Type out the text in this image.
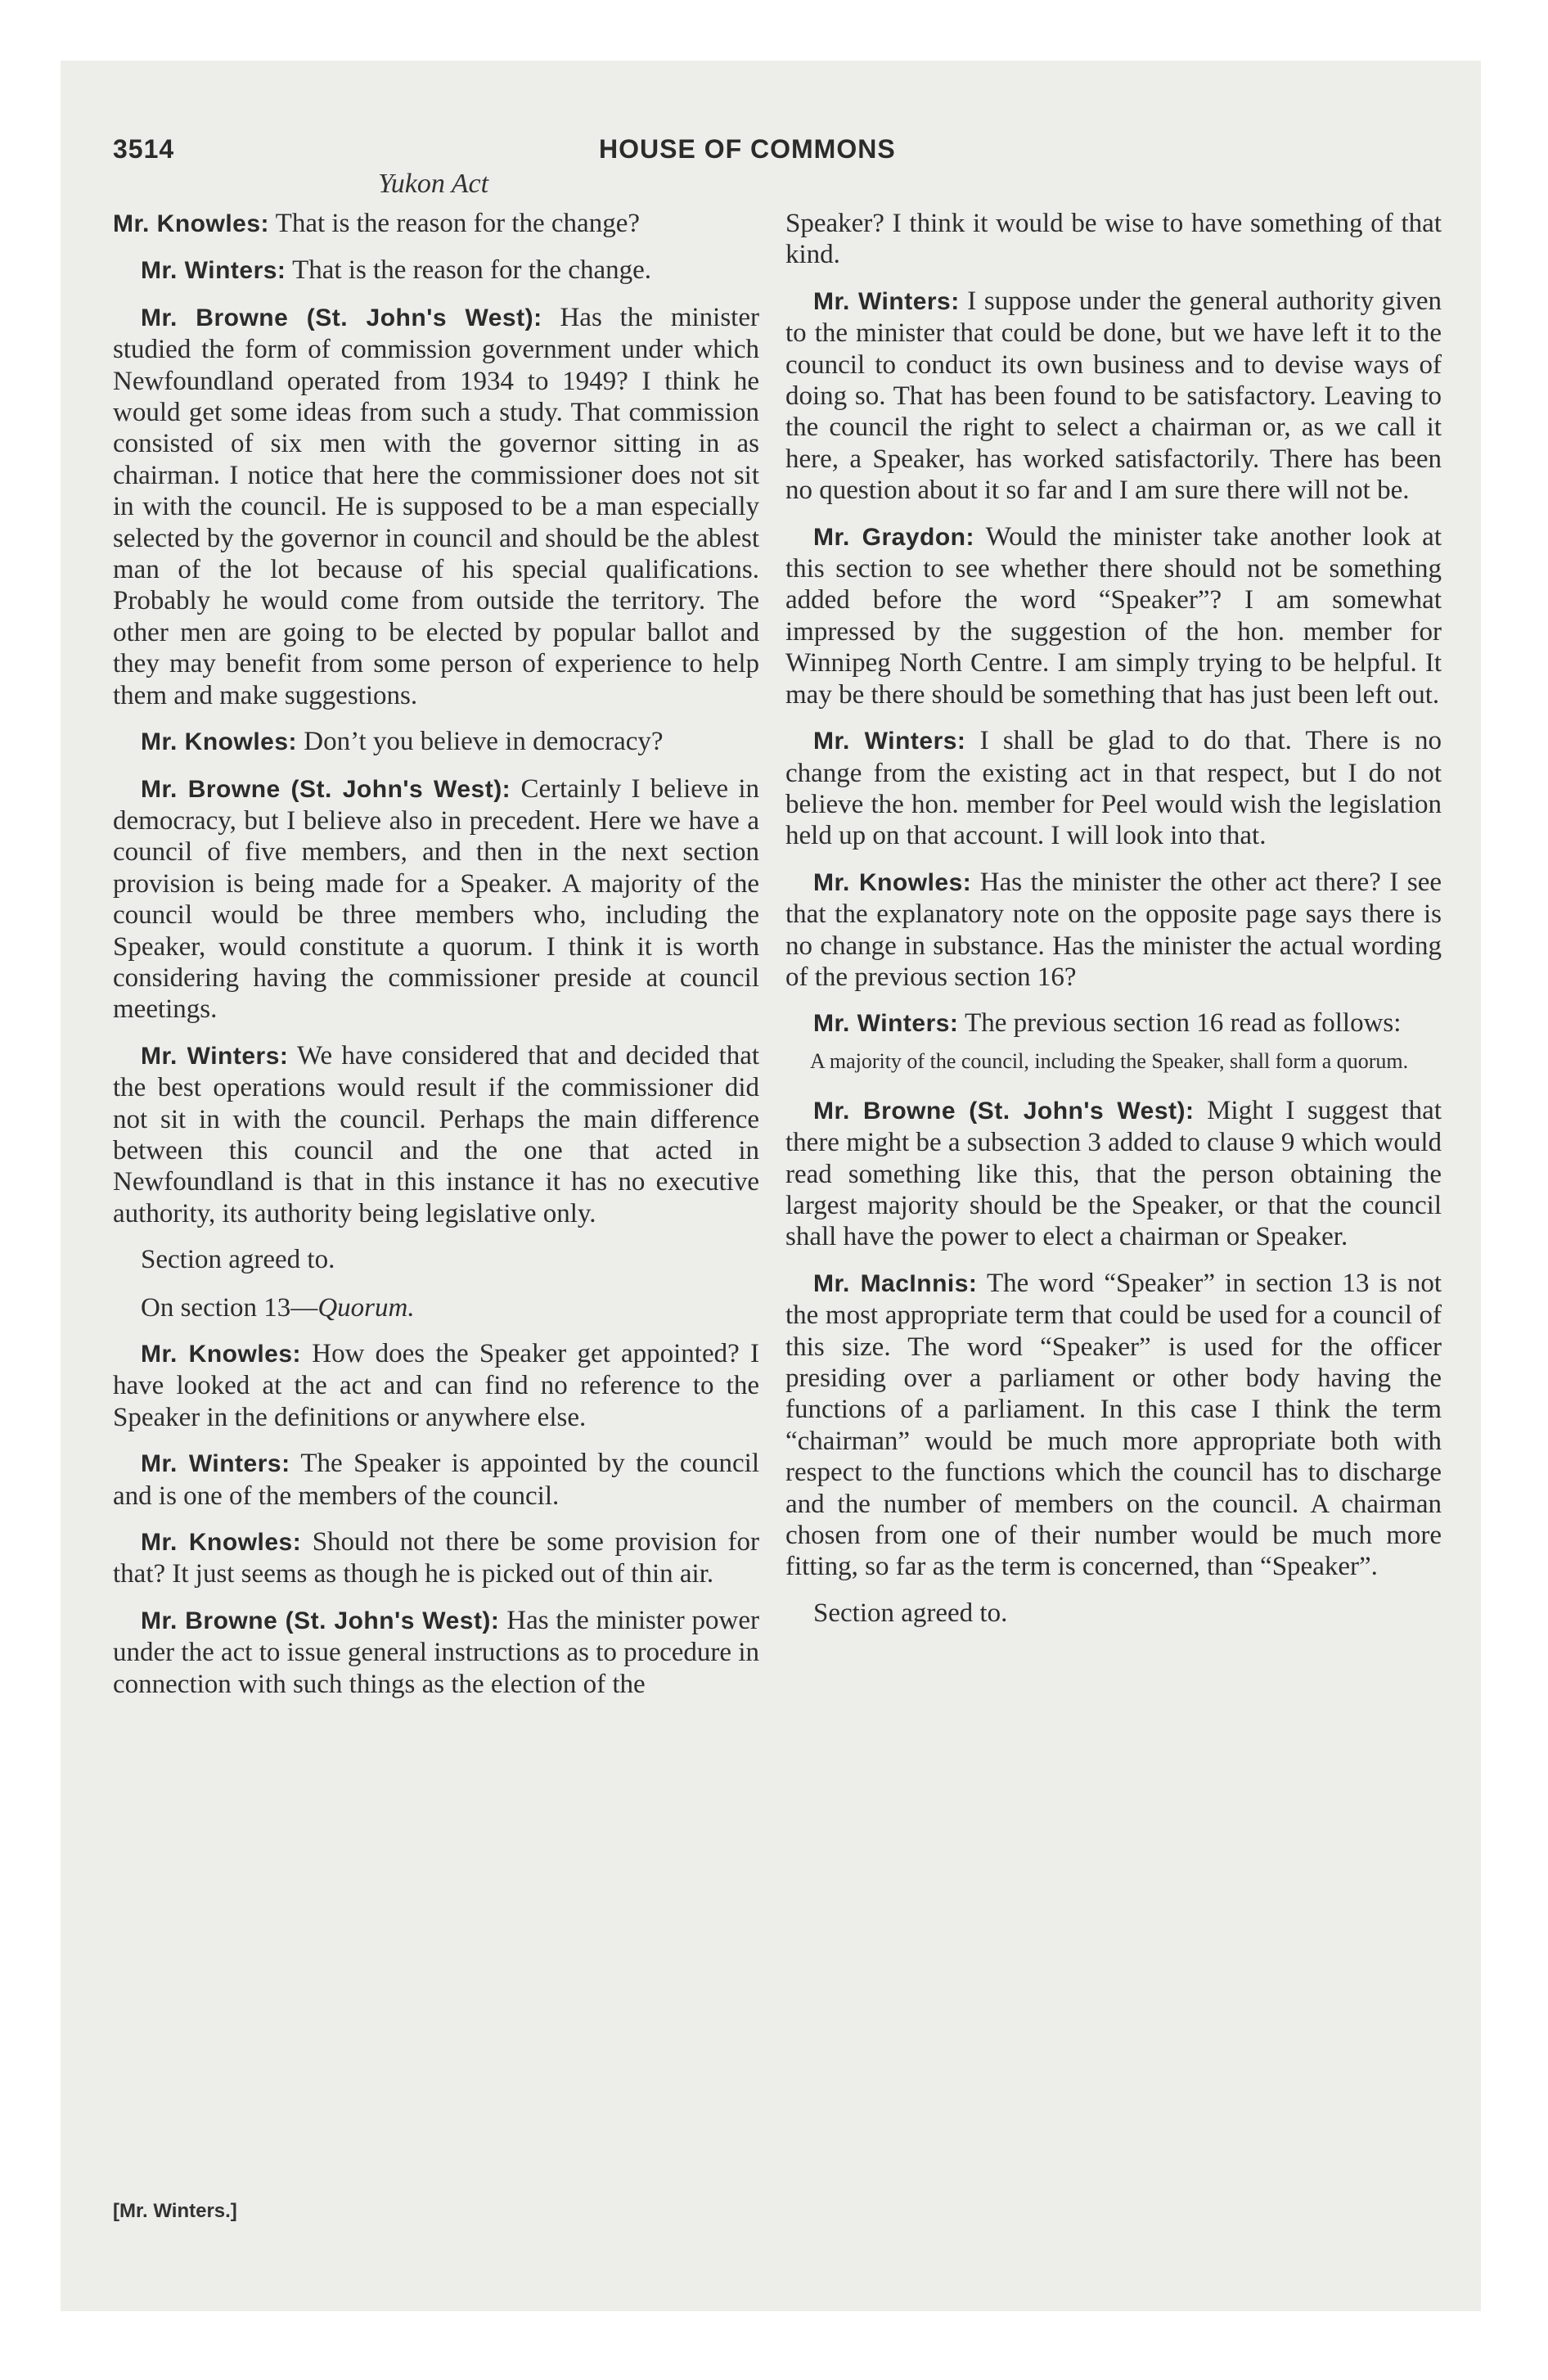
3514	HOUSE OF COMMONS
Yukon Act

Mr. Knowles: That is the reason for the change?

Mr. Winters: That is the reason for the change.

Mr. Browne (St. John's West): Has the minister studied the form of commission government under which Newfoundland operated from 1934 to 1949? I think he would get some ideas from such a study. That commission consisted of six men with the governor sitting in as chairman. I notice that here the commissioner does not sit in with the council. He is supposed to be a man especially selected by the governor in council and should be the ablest man of the lot because of his special qualifications. Probably he would come from outside the territory. The other men are going to be elected by popular ballot and they may benefit from some person of experience to help them and make suggestions.

Mr. Knowles: Don’t you believe in democracy?

Mr. Browne (St. John's West): Certainly I believe in democracy, but I believe also in precedent. Here we have a council of five members, and then in the next section provision is being made for a Speaker. A majority of the council would be three members who, including the Speaker, would constitute a quorum. I think it is worth considering having the commissioner preside at council meetings.

Mr. Winters: We have considered that and decided that the best operations would result if the commissioner did not sit in with the council. Perhaps the main difference between this council and the one that acted in Newfoundland is that in this instance it has no executive authority, its authority being legislative only.

Section agreed to.

On section 13—Quorum.

Mr. Knowles: How does the Speaker get appointed? I have looked at the act and can find no reference to the Speaker in the definitions or anywhere else.

Mr. Winters: The Speaker is appointed by the council and is one of the members of the council.

Mr. Knowles: Should not there be some provision for that? It just seems as though he is picked out of thin air.

Mr. Browne (St. John's West): Has the minister power under the act to issue general instructions as to procedure in connection with such things as the election of the

Speaker? I think it would be wise to have something of that kind.

Mr. Winters: I suppose under the general authority given to the minister that could be done, but we have left it to the council to conduct its own business and to devise ways of doing so. That has been found to be satisfactory. Leaving to the council the right to select a chairman or, as we call it here, a Speaker, has worked satisfactorily. There has been no question about it so far and I am sure there will not be.

Mr. Graydon: Would the minister take another look at this section to see whether there should not be something added before the word “Speaker”? I am somewhat impressed by the suggestion of the hon. member for Winnipeg North Centre. I am simply trying to be helpful. It may be there should be something that has just been left out.

Mr. Winters: I shall be glad to do that. There is no change from the existing act in that respect, but I do not believe the hon. member for Peel would wish the legislation held up on that account. I will look into that.

Mr. Knowles: Has the minister the other act there? I see that the explanatory note on the opposite page says there is no change in substance. Has the minister the actual wording of the previous section 16?

Mr. Winters: The previous section 16 read as follows:

A majority of the council, including the Speaker, shall form a quorum.

Mr. Browne (St. John's West): Might I suggest that there might be a subsection 3 added to clause 9 which would read something like this, that the person obtaining the largest majority should be the Speaker, or that the council shall have the power to elect a chairman or Speaker.

Mr. MacInnis: The word “Speaker” in section 13 is not the most appropriate term that could be used for a council of this size. The word “Speaker” is used for the officer presiding over a parliament or other body having the functions of a parliament. In this case I think the term “chairman” would be much more appropriate both with respect to the functions which the council has to discharge and the number of members on the council. A chairman chosen from one of their number would be much more fitting, so far as the term is concerned, than “Speaker”.

Section agreed to.

[Mr. Winters.]
